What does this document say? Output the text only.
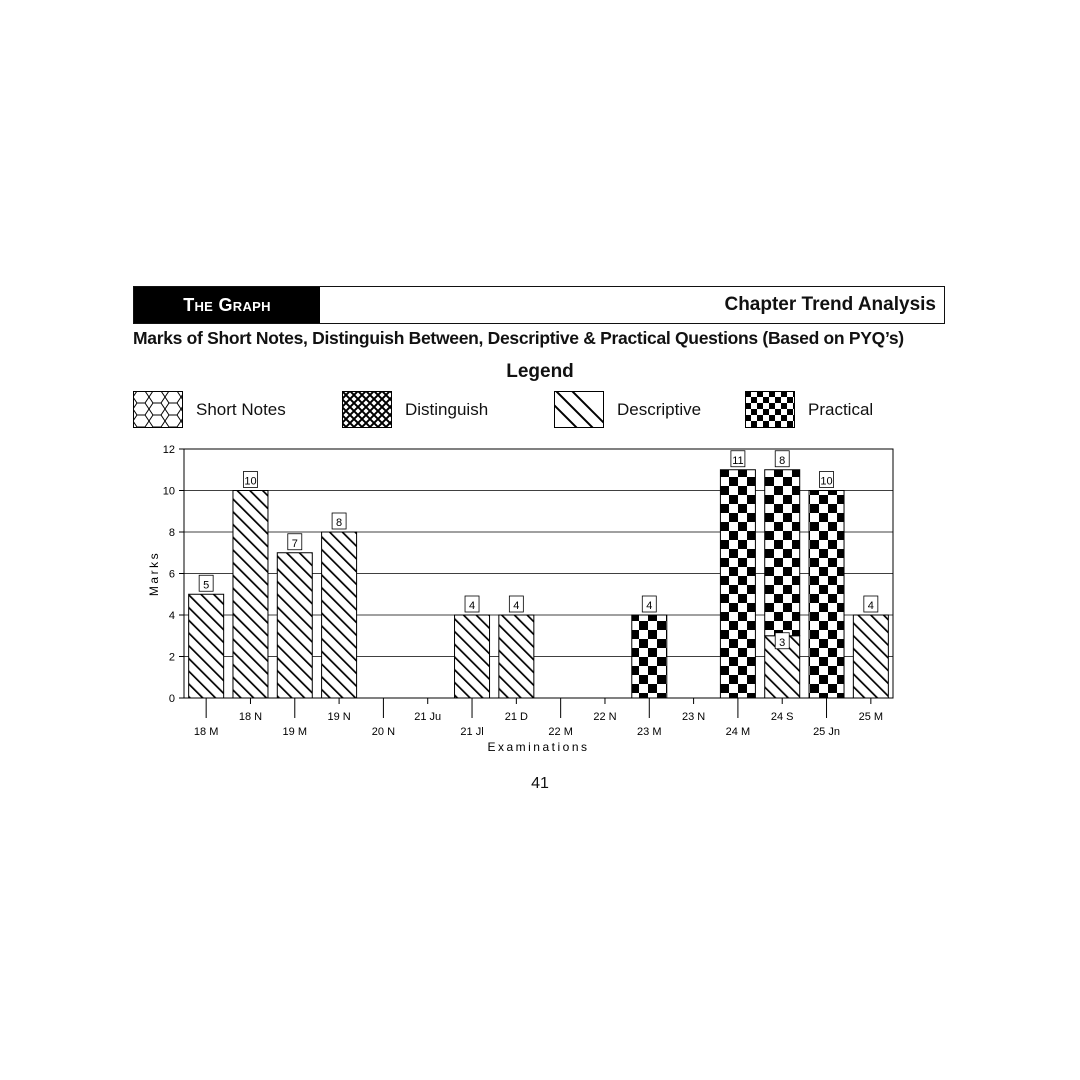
The Graph	Chapter Trend Analysis
Marks of Short Notes, Distinguish Between, Descriptive & Practical Questions (Based on PYQ’s)
Legend
Short Notes	Distinguish	Descriptive	Practical
0
2
4
6
8
10
12
5
18 M
10
18 N
7
19 M
8
19 N
20 N
21 Ju
4
21 Jl
4
21 D
22 M
22 N
4
23 M
23 N
11
24 M
8
3
24 S
10
25 Jn
4
25 M
Examinations
Marks
41
